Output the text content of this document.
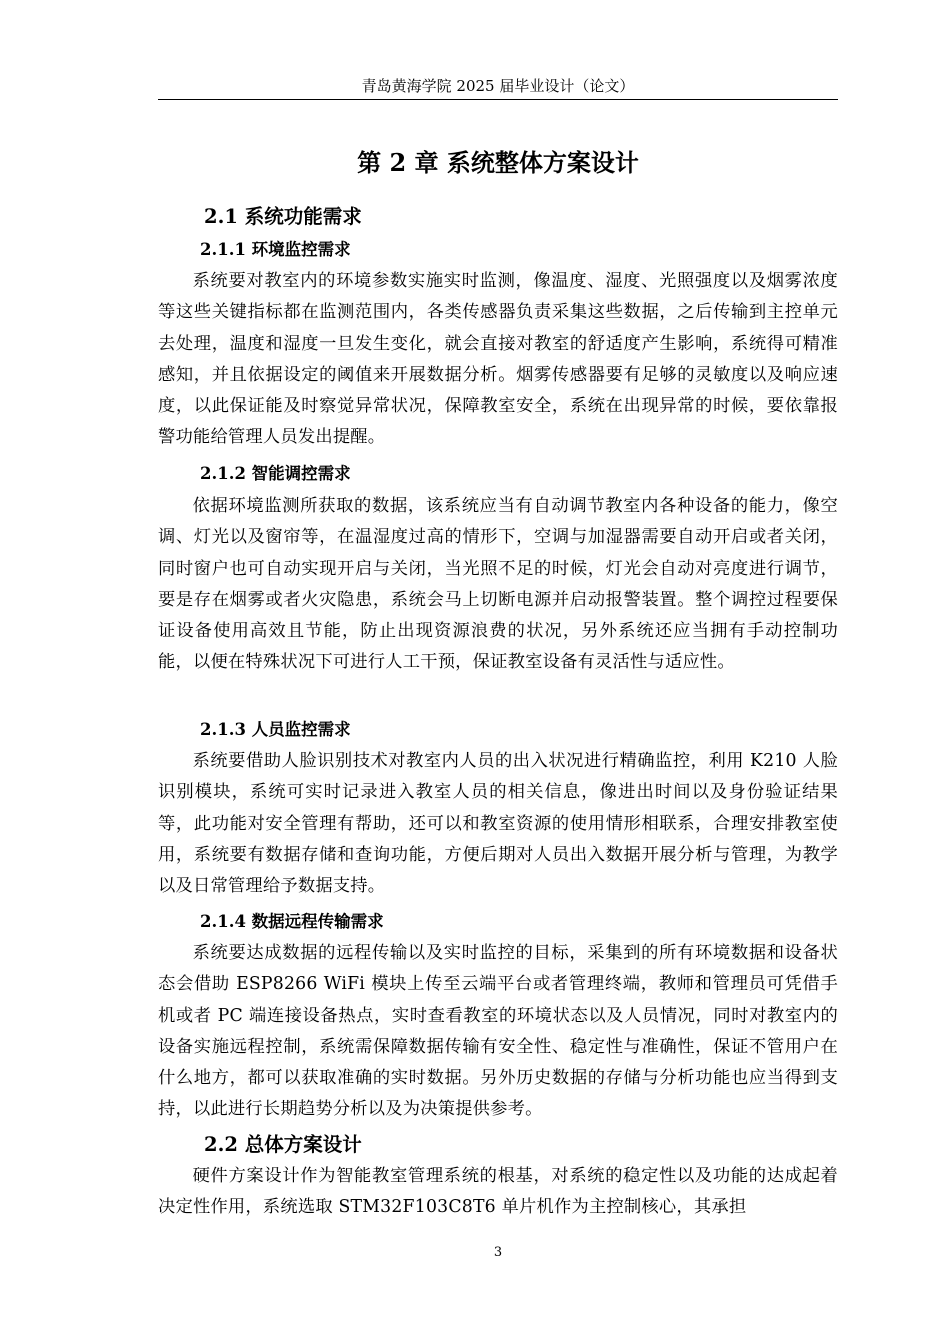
青岛黄海学院 2025 届毕业设计（论文）
第 2 章 系统整体方案设计
2.1 系统功能需求
2.1.1 环境监控需求
系统要对教室内的环境参数实施实时监测，像温度、湿度、光照强度以及烟雾浓度等这些关键指标都在监测范围内，各类传感器负责采集这些数据，之后传输到主控单元去处理，温度和湿度一旦发生变化，就会直接对教室的舒适度产生影响，系统得可精准感知，并且依据设定的阈值来开展数据分析。烟雾传感器要有足够的灵敏度以及响应速度，以此保证能及时察觉异常状况，保障教室安全，系统在出现异常的时候，要依靠报警功能给管理人员发出提醒。
2.1.2 智能调控需求
依据环境监测所获取的数据，该系统应当有自动调节教室内各种设备的能力，像空调、灯光以及窗帘等，在温湿度过高的情形下，空调与加湿器需要自动开启或者关闭，同时窗户也可自动实现开启与关闭，当光照不足的时候，灯光会自动对亮度进行调节，要是存在烟雾或者火灾隐患，系统会马上切断电源并启动报警装置。整个调控过程要保证设备使用高效且节能，防止出现资源浪费的状况，另外系统还应当拥有手动控制功能，以便在特殊状况下可进行人工干预，保证教室设备有灵活性与适应性。
2.1.3 人员监控需求
系统要借助人脸识别技术对教室内人员的出入状况进行精确监控，利用 K210 人脸识别模块，系统可实时记录进入教室人员的相关信息，像进出时间以及身份验证结果等，此功能对安全管理有帮助，还可以和教室资源的使用情形相联系，合理安排教室使用，系统要有数据存储和查询功能，方便后期对人员出入数据开展分析与管理，为教学以及日常管理给予数据支持。
2.1.4 数据远程传输需求
系统要达成数据的远程传输以及实时监控的目标，采集到的所有环境数据和设备状态会借助 ESP8266 WiFi 模块上传至云端平台或者管理终端，教师和管理员可凭借手机或者 PC 端连接设备热点，实时查看教室的环境状态以及人员情况，同时对教室内的设备实施远程控制，系统需保障数据传输有安全性、稳定性与准确性，保证不管用户在什么地方，都可以获取准确的实时数据。另外历史数据的存储与分析功能也应当得到支持，以此进行长期趋势分析以及为决策提供参考。
2.2 总体方案设计
硬件方案设计作为智能教室管理系统的根基，对系统的稳定性以及功能的达成起着决定性作用，系统选取 STM32F103C8T6 单片机作为主控制核心，其承担
3
